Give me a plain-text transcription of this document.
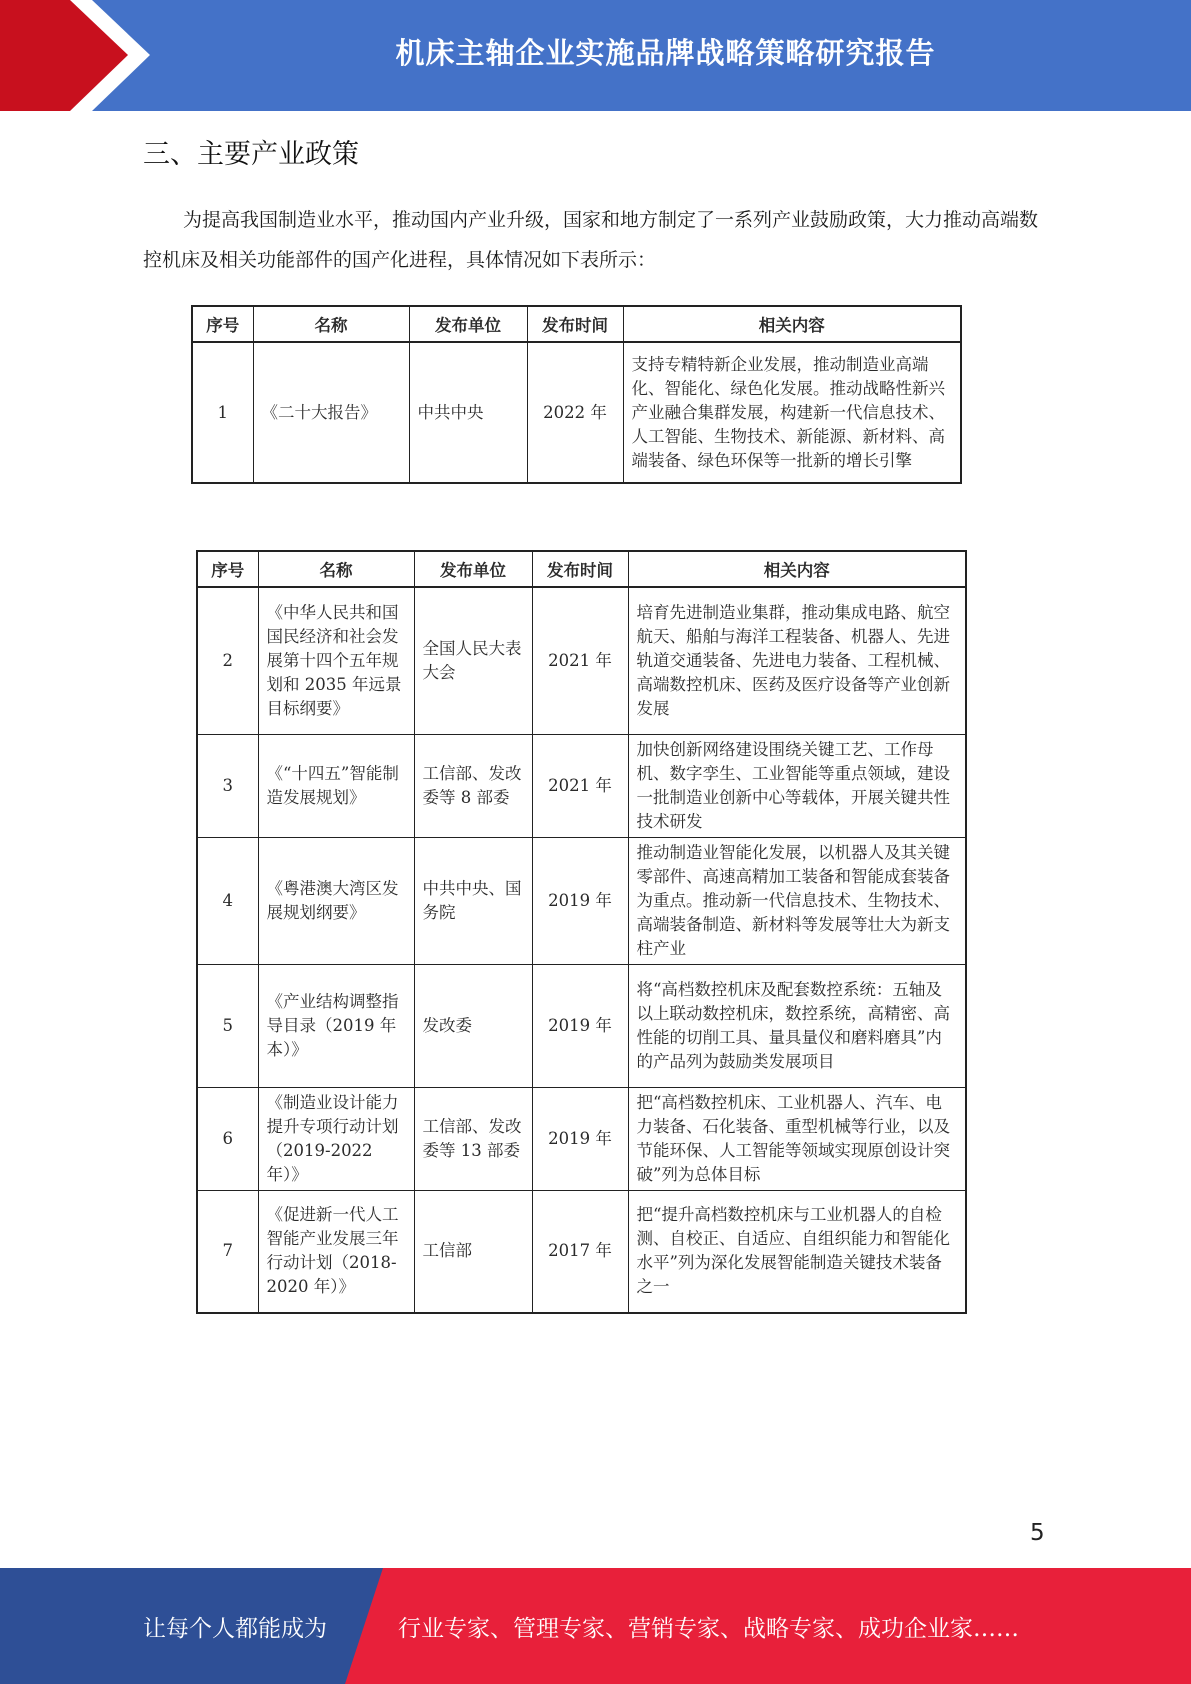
机床主轴企业实施品牌战略策略研究报告
三、主要产业政策

为提高我国制造业水平，推动国内产业升级，国家和地方制定了一系列产业鼓励政策，大力推动高端数控机床及相关功能部件的国产化进程，具体情况如下表所示：

序号	名称	发布单位	发布时间	相关内容
1	《二十大报告》	中共中央	2022 年	支持专精特新企业发展，推动制造业高端化、智能化、绿色化发展。推动战略性新兴产业融合集群发展，构建新一代信息技术、人工智能、生物技术、新能源、新材料、高端装备、绿色环保等一批新的增长引擎
序号	名称	发布单位	发布时间	相关内容
2	《中华人民共和国国民经济和社会发展第十四个五年规划和 2035 年远景目标纲要》	全国人民大表大会	2021 年	培育先进制造业集群，推动集成电路、航空航天、船舶与海洋工程装备、机器人、先进轨道交通装备、先进电力装备、工程机械、高端数控机床、医药及医疗设备等产业创新发展
3	《“十四五”智能制造发展规划》	工信部、发改委等 8 部委	2021 年	加快创新网络建设围绕关键工艺、工作母机、数字孪生、工业智能等重点领域，建设一批制造业创新中心等载体，开展关键共性技术研发
4	《粤港澳大湾区发展规划纲要》	中共中央、国务院	2019 年	推动制造业智能化发展，以机器人及其关键零部件、高速高精加工装备和智能成套装备为重点。推动新一代信息技术、生物技术、高端装备制造、新材料等发展等壮大为新支柱产业
5	《产业结构调整指导目录（2019 年本）》	发改委	2019 年	将“高档数控机床及配套数控系统：五轴及以上联动数控机床，数控系统，高精密、高性能的切削工具、量具量仪和磨料磨具”内的产品列为鼓励类发展项目
6	《制造业设计能力提升专项行动计划（2019-2022 年）》	工信部、发改委等 13 部委	2019 年	把“高档数控机床、工业机器人、汽车、电力装备、石化装备、重型机械等行业，以及节能环保、人工智能等领域实现原创设计突破”列为总体目标
7	《促进新一代人工智能产业发展三年行动计划（2018-2020 年）》	工信部	2017 年	把“提升高档数控机床与工业机器人的自检测、自校正、自适应、自组织能力和智能化水平”列为深化发展智能制造关键技术装备之一
5
让每个人都能成为	行业专家、管理专家、营销专家、战略专家、成功企业家……
